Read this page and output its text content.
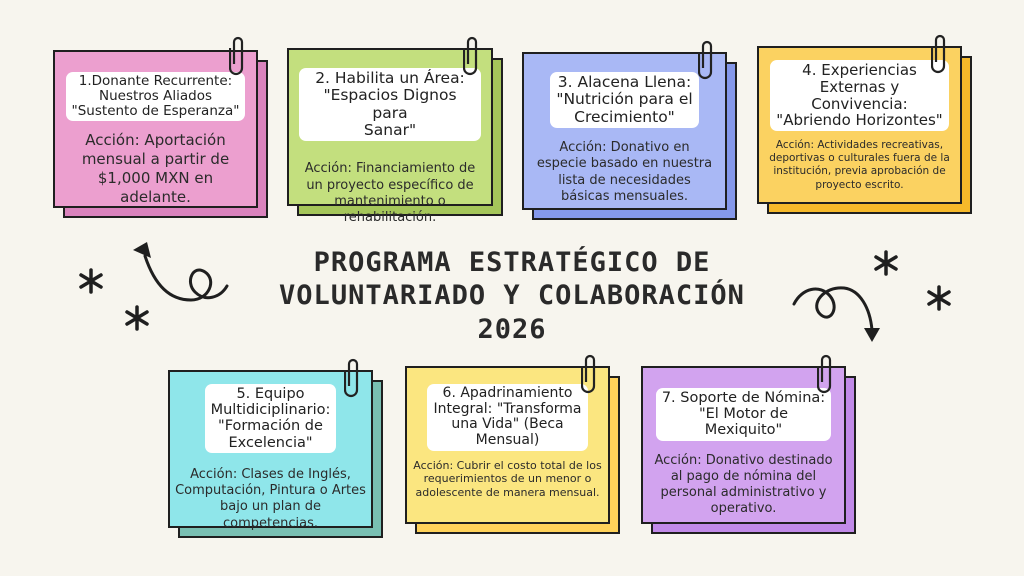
1.Donante Recurrente:
Nuestros Aliados
"Sustento de Esperanza"
Acción: Aportación mensual a partir de $1,000 MXN en adelante.
2. Habilita un Área:
"Espacios Dignos para
Sanar"
Acción: Financiamiento de un proyecto específico de mantenimiento o rehabilitación.
3. Alacena Llena:
"Nutrición para el
Crecimiento"
Acción: Donativo en especie basado en nuestra lista de necesidades básicas mensuales.
4. Experiencias
Externas y
Convivencia:
"Abriendo Horizontes"
Acción: Actividades recreativas, deportivas o culturales fuera de la institución, previa aprobación de proyecto escrito.
5. Equipo
Multidiciplinario:
"Formación de
Excelencia"
Acción: Clases de Inglés, Computación, Pintura o Artes bajo un plan de competencias.
6. Apadrinamiento
Integral: "Transforma
una Vida" (Beca
Mensual)
Acción: Cubrir el costo total de los requerimientos de un menor o adolescente de manera mensual.
7. Soporte de Nómina:
"El Motor de
Mexiquito"
Acción: Donativo destinado al pago de nómina del personal administrativo y operativo.
PROGRAMA ESTRATÉGICO DE
VOLUNTARIADO Y COLABORACIÓN
2026
